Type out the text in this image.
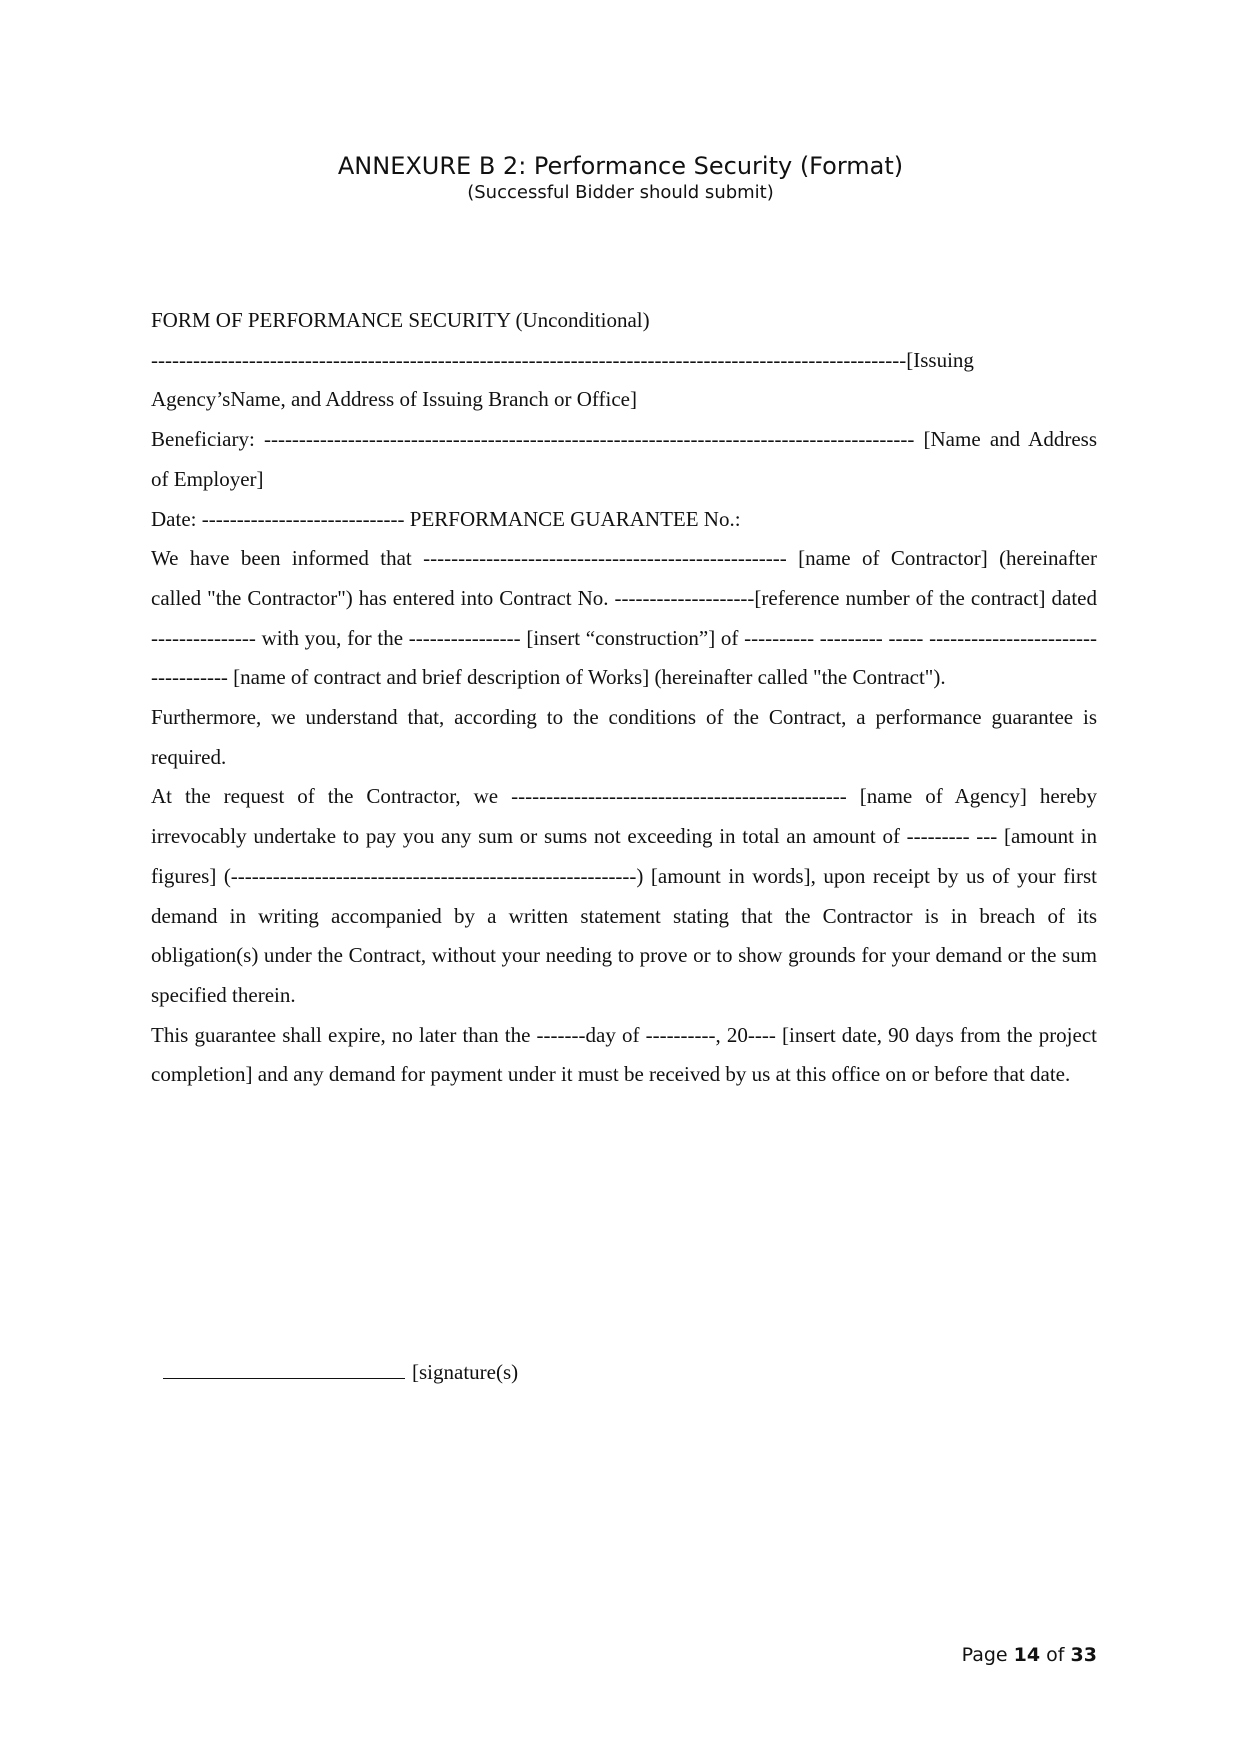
ANNEXURE B 2: Performance Security (Format)
(Successful Bidder should submit)

FORM OF PERFORMANCE SECURITY (Unconditional)

------------------------------------------------------------------------------------------------------------[Issuing Agency’sName, and Address of Issuing Branch or Office]

Beneficiary: --------------------------------------------------------------------------------------------- [Name and Address of Employer]

Date: ----------------------------- PERFORMANCE GUARANTEE No.:

We have been informed that ---------------------------------------------------- [name of Contractor] (hereinafter called "the Contractor") has entered into Contract No. --------------------[reference number of the contract] dated --------------- with you, for the ---------------- [insert “construction”] of ---------- --------- ----- ----------------------------------- [name of contract and brief description of Works] (hereinafter called "the Contract").

Furthermore, we understand that, according to the conditions of the Contract, a performance guarantee is required.

At the request of the Contractor, we ------------------------------------------------ [name of Agency] hereby irrevocably undertake to pay you any sum or sums not exceeding in total an amount of --------- --- [amount in figures] (----------------------------------------------------------) [amount in words], upon receipt by us of your first demand in writing accompanied by a written statement stating that the Contractor is in breach of its obligation(s) under the Contract, without your needing to prove or to show grounds for your demand or the sum specified therein.

This guarantee shall expire, no later than the -------day of ----------, 20---- [insert date, 90 days from the project completion] and any demand for payment under it must be received by us at this office on or before that date.

[signature(s)
Page 14 of 33
